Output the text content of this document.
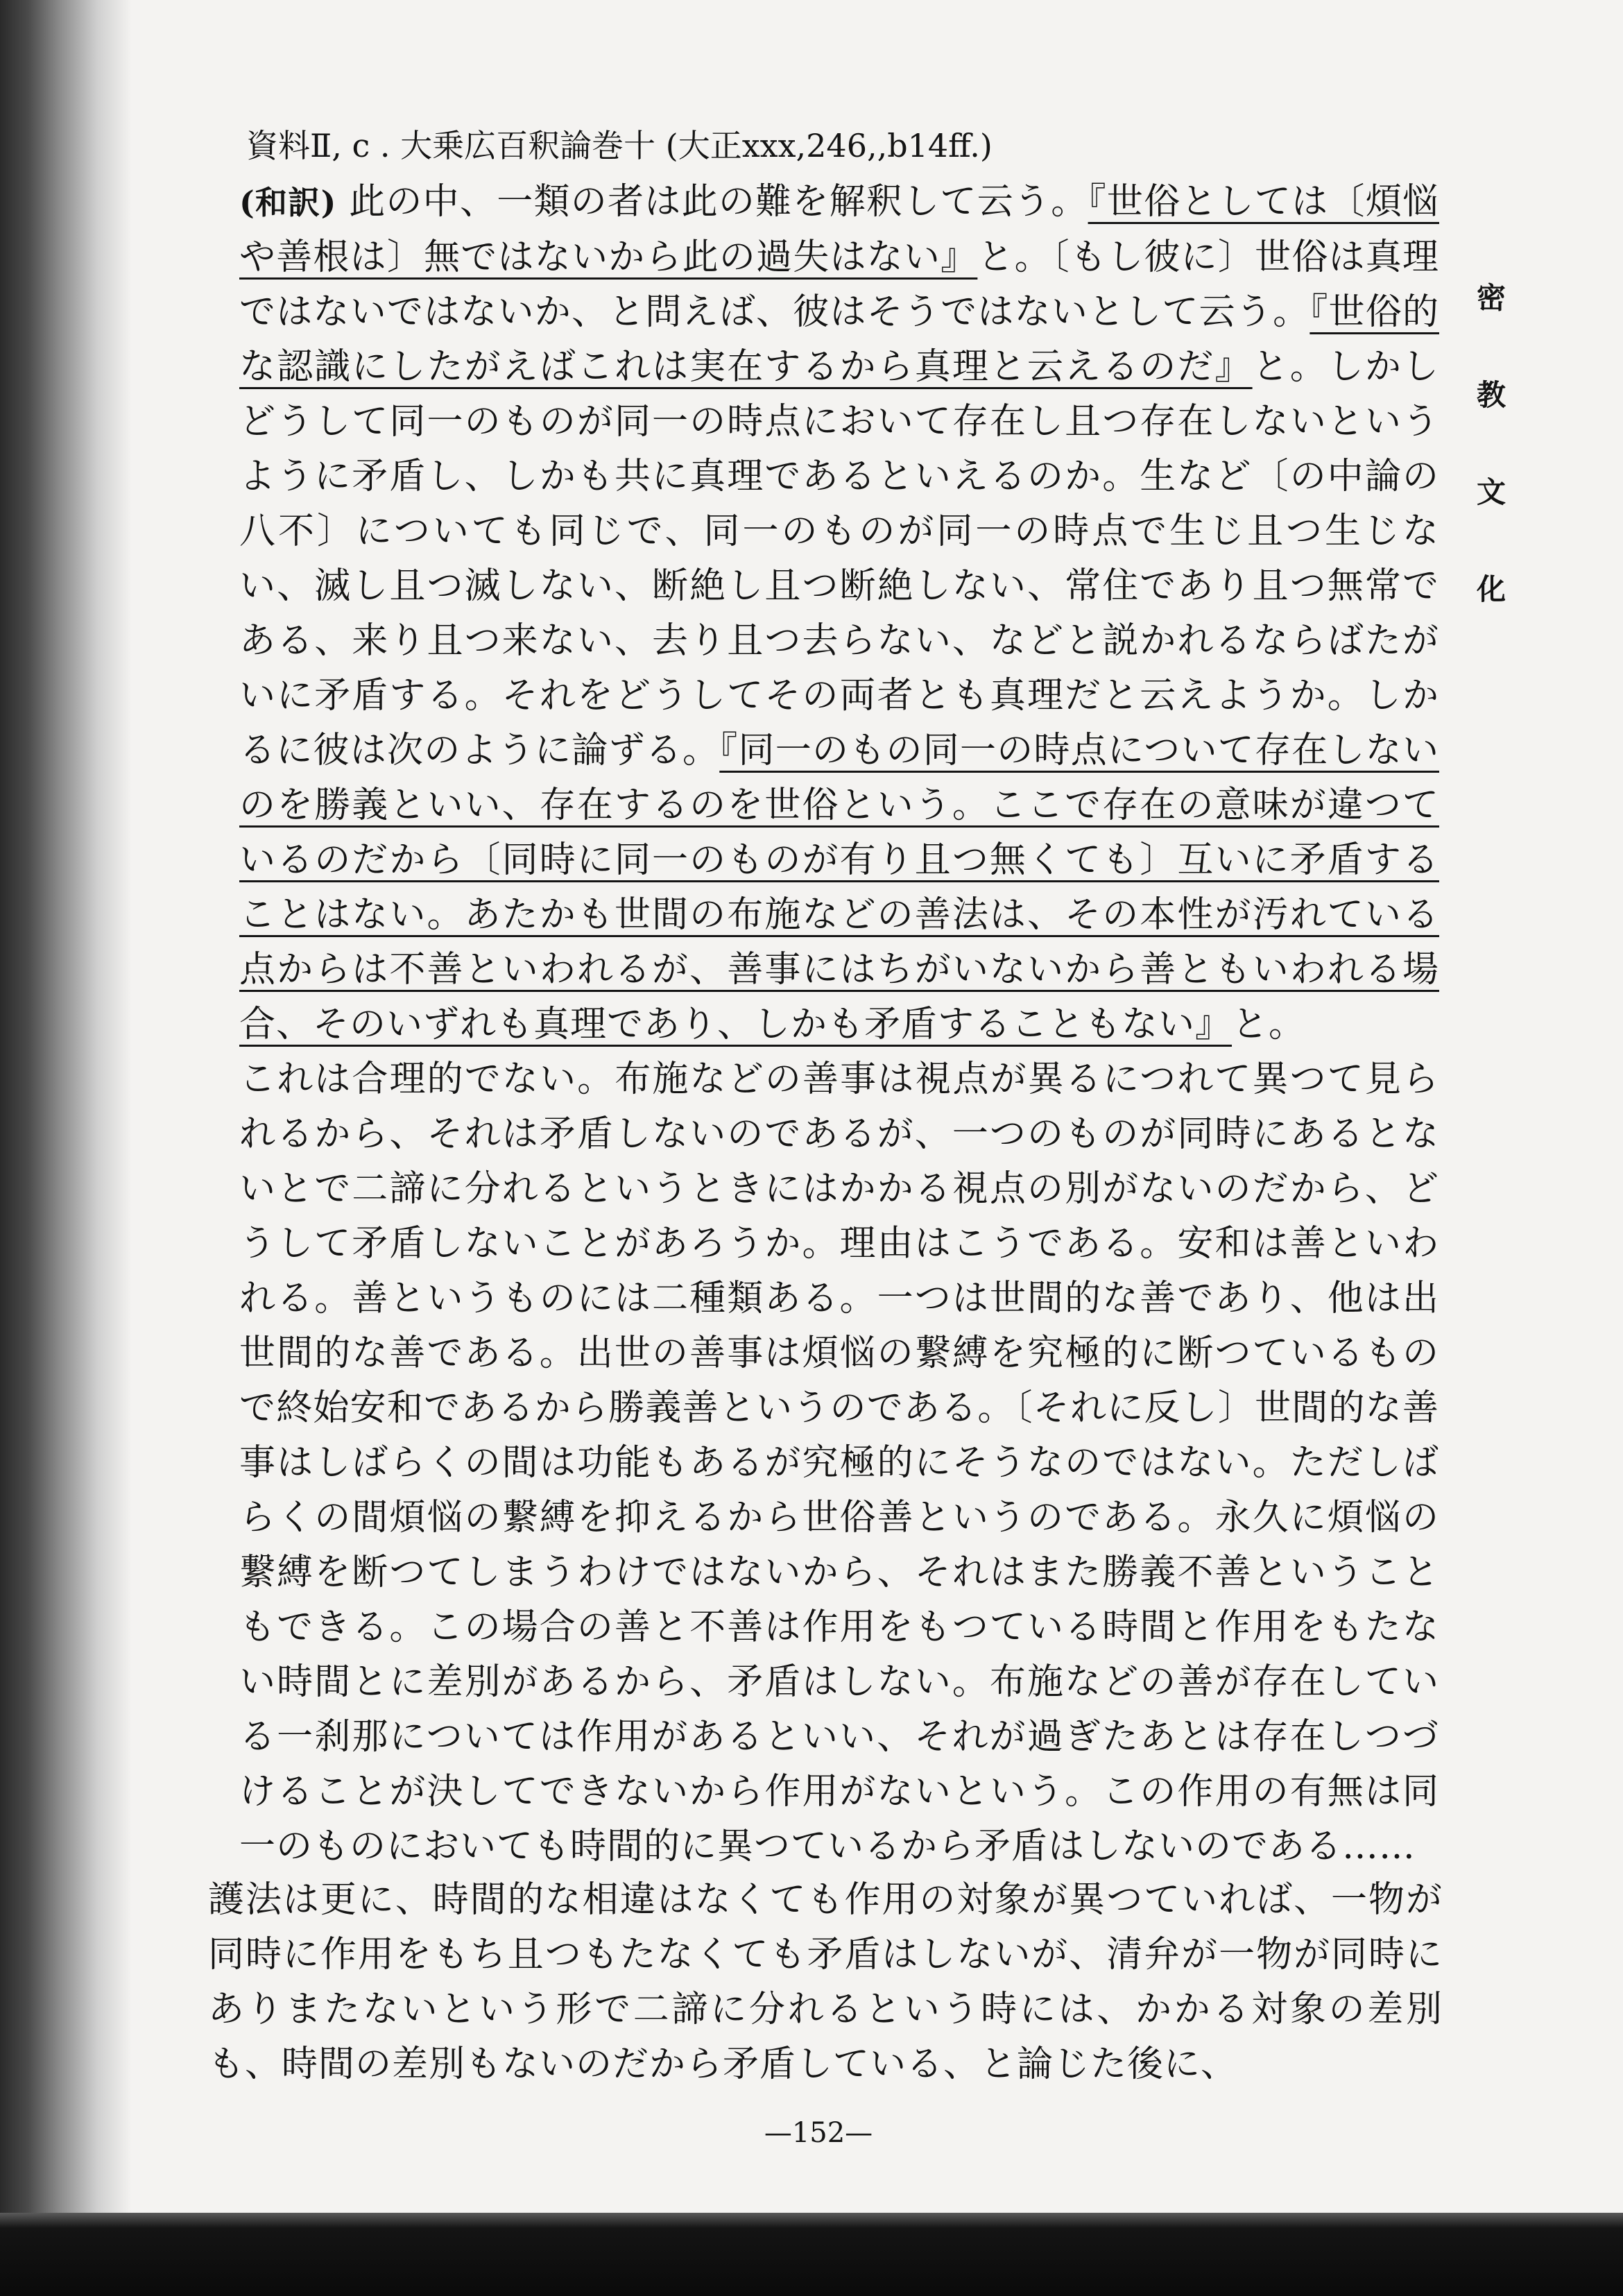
資料Ⅱ, c . 大乗広百釈論巻十 (大正xxx,246,,b14ff.)

(和訳) 此の中、一類の者は此の難を解釈して云う。『世俗としては〔煩悩や善根は〕無ではないから此の過失はない』と。〔もし彼に〕世俗は真理ではないではないか、と問えば、彼はそうではないとして云う。『世俗的な認識にしたがえばこれは実在するから真理と云えるのだ』と。しかしどうして同一のものが同一の時点において存在し且つ存在しないというように矛盾し、しかも共に真理であるといえるのか。生など〔の中論の八不〕についても同じで、同一のものが同一の時点で生じ且つ生じない、滅し且つ滅しない、断絶し且つ断絶しない、常住であり且つ無常である、来り且つ来ない、去り且つ去らない、などと説かれるならばたがいに矛盾する。それをどうしてその両者とも真理だと云えようか。しかるに彼は次のように論ずる。『同一のもの同一の時点について存在しないのを勝義といい、存在するのを世俗という。ここで存在の意味が違つているのだから〔同時に同一のものが有り且つ無くても〕互いに矛盾することはない。あたかも世間の布施などの善法は、その本性が汚れている点からは不善といわれるが、善事にはちがいないから善ともいわれる場合、そのいずれも真理であり、しかも矛盾することもない』と。

これは合理的でない。布施などの善事は視点が異るにつれて異つて見られるから、それは矛盾しないのであるが、一つのものが同時にあるとないとで二諦に分れるというときにはかかる視点の別がないのだから、どうして矛盾しないことがあろうか。理由はこうである。安和は善といわれる。善というものには二種類ある。一つは世間的な善であり、他は出世間的な善である。出世の善事は煩悩の繋縛を究極的に断つているもので終始安和であるから勝義善というのである。〔それに反し〕世間的な善事はしばらくの間は功能もあるが究極的にそうなのではない。ただしばらくの間煩悩の繋縛を抑えるから世俗善というのである。永久に煩悩の繋縛を断つてしまうわけではないから、それはまた勝義不善ということもできる。この場合の善と不善は作用をもつている時間と作用をもたない時間とに差別があるから、矛盾はしない。布施などの善が存在している一刹那については作用があるといい、それが過ぎたあとは存在しつづけることが決してできないから作用がないという。この作用の有無は同一のものにおいても時間的に異つているから矛盾はしないのである……

護法は更に、時間的な相違はなくても作用の対象が異つていれば、一物が同時に作用をもち且つもたなくても矛盾はしないが、清弁が一物が同時にありまたないという形で二諦に分れるという時には、かかる対象の差別も、時間の差別もないのだから矛盾している、と論じた後に、

密
教
文
化
—152—
